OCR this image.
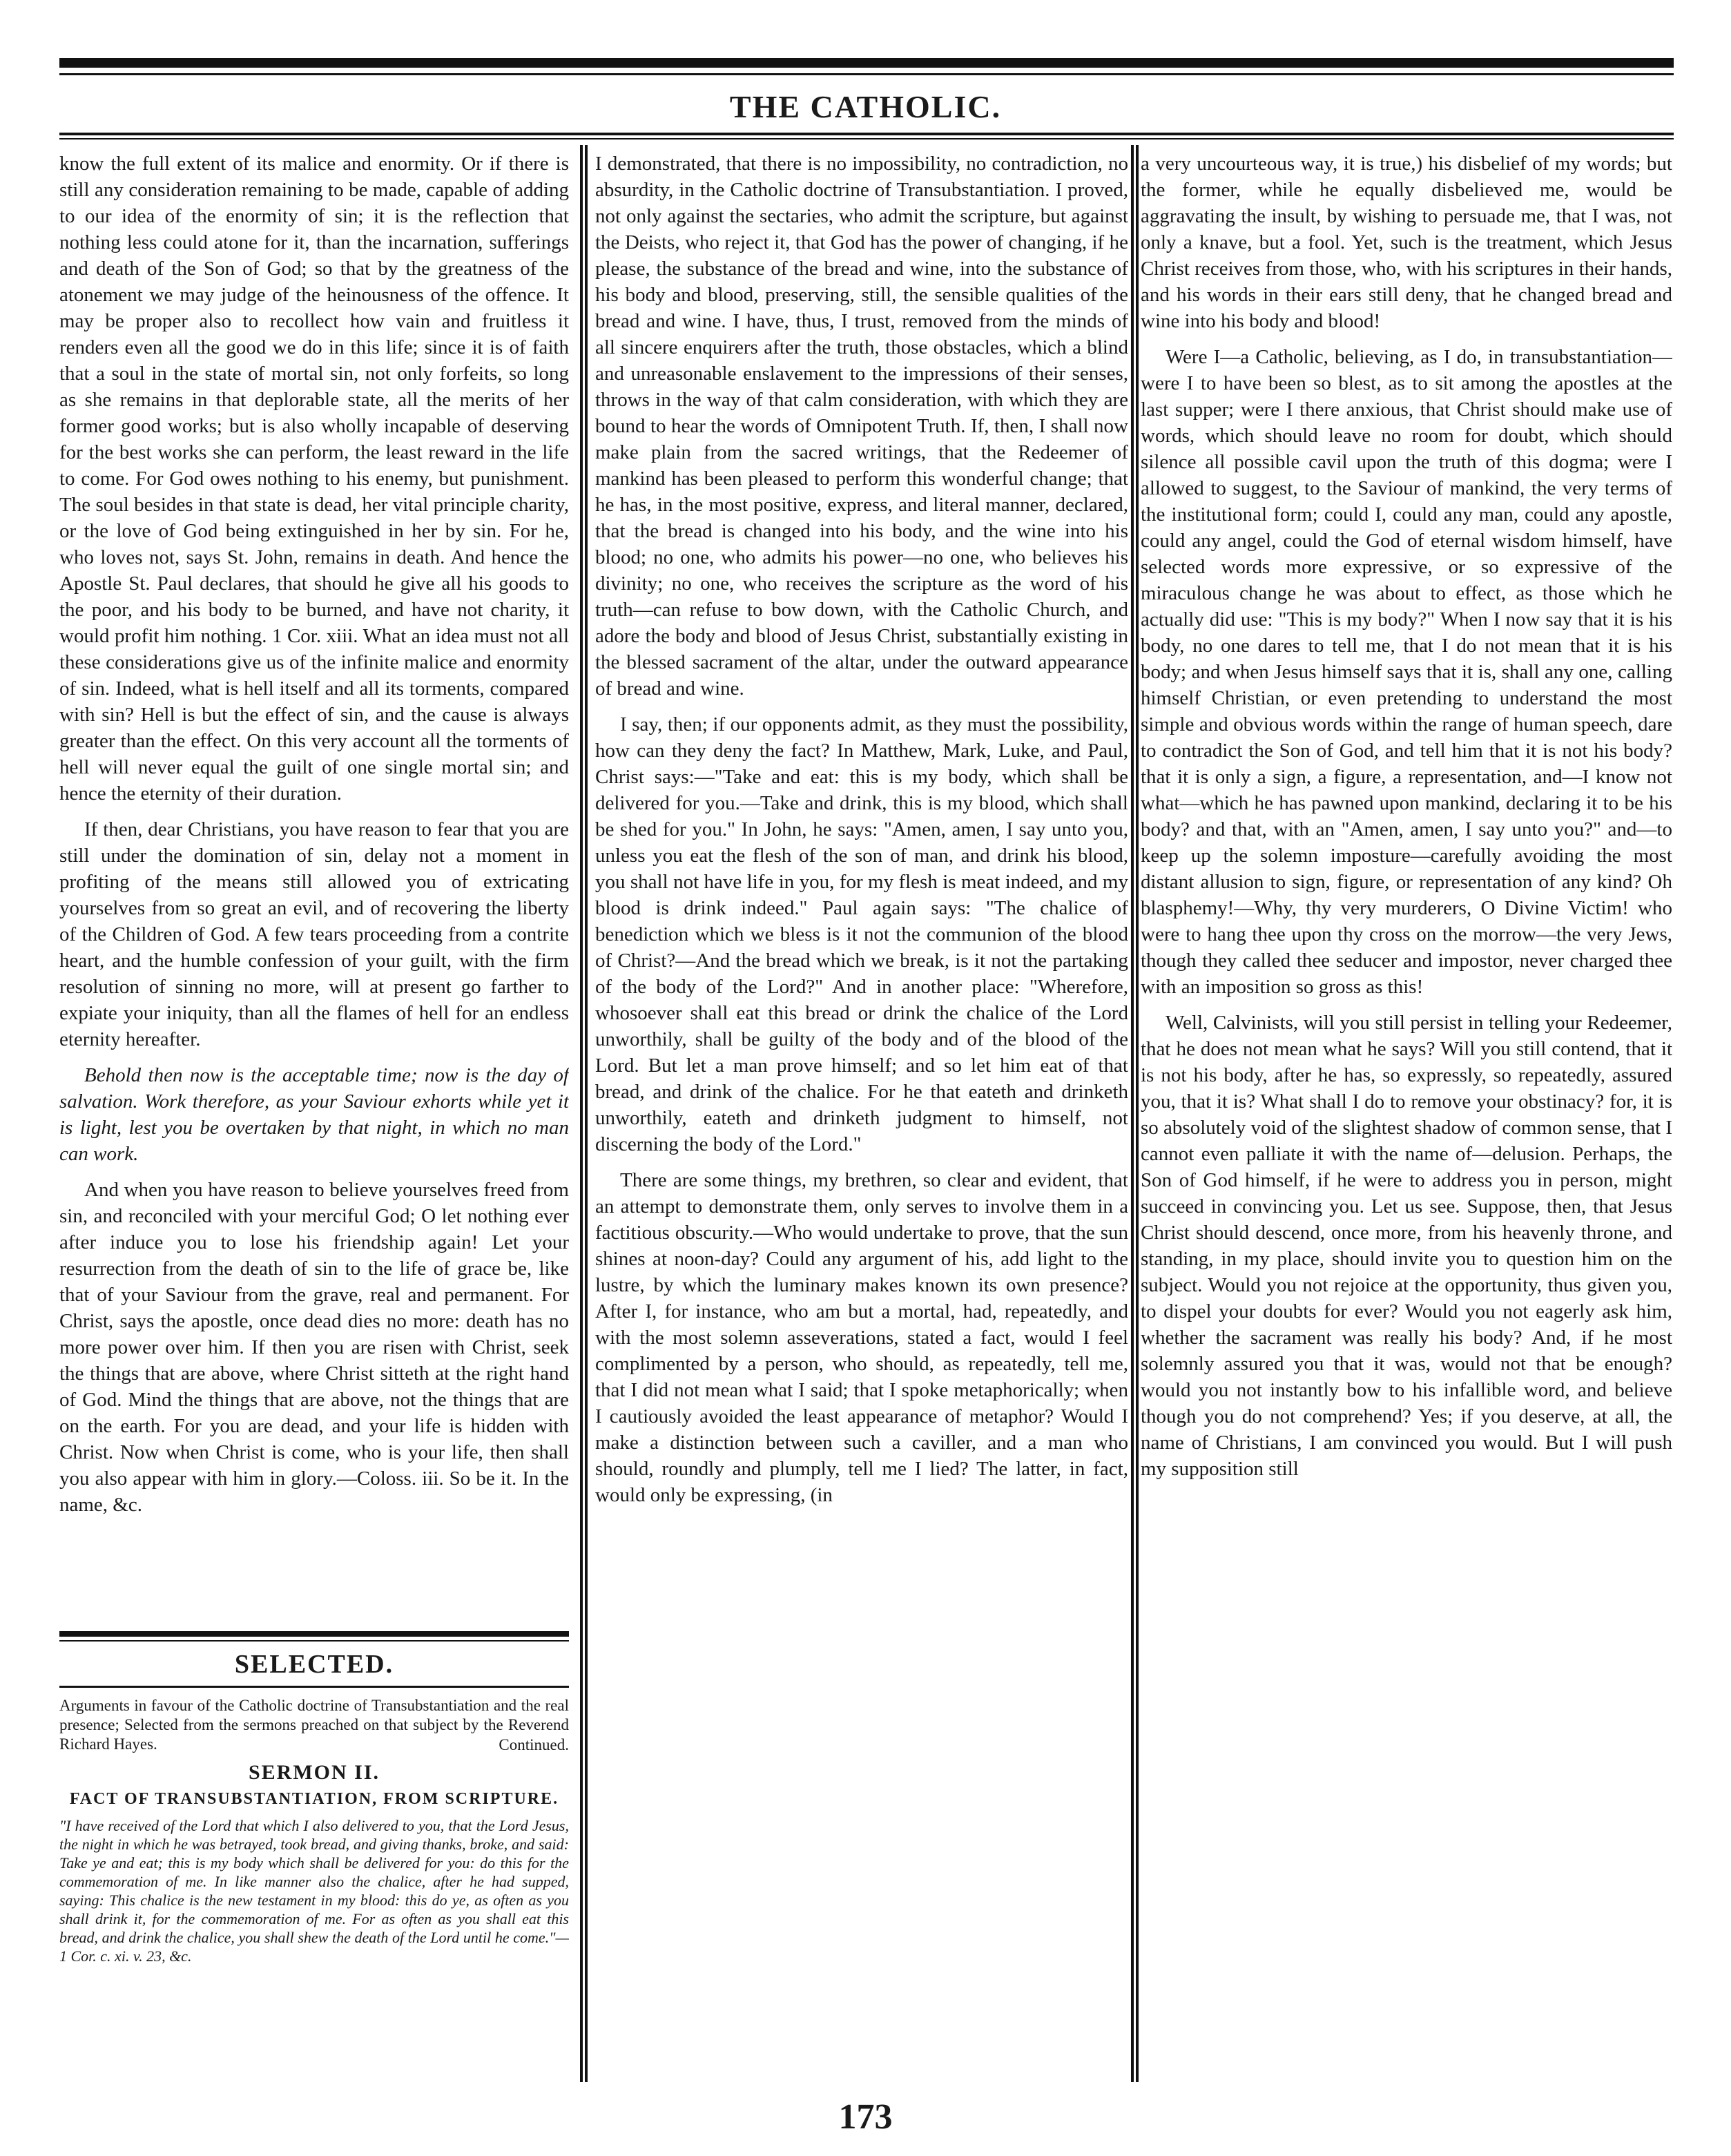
THE CATHOLIC.

know the full extent of its malice and enormity. Or if there is still any consideration remaining to be made, capable of adding to our idea of the enormity of sin; it is the reflection that nothing less could atone for it, than the incarnation, sufferings and death of the Son of God; so that by the greatness of the atonement we may judge of the heinousness of the offence. It may be proper also to recollect how vain and fruitless it renders even all the good we do in this life; since it is of faith that a soul in the state of mortal sin, not only forfeits, so long as she remains in that deplorable state, all the merits of her former good works; but is also wholly incapable of deserving for the best works she can perform, the least reward in the life to come. For God owes nothing to his enemy, but punishment. The soul besides in that state is dead, her vital principle charity, or the love of God being extinguished in her by sin. For he, who loves not, says St. John, remains in death. And hence the Apostle St. Paul declares, that should he give all his goods to the poor, and his body to be burned, and have not charity, it would profit him nothing. 1 Cor. xiii. What an idea must not all these considerations give us of the infinite malice and enormity of sin. Indeed, what is hell itself and all its torments, compared with sin? Hell is but the effect of sin, and the cause is always greater than the effect. On this very account all the torments of hell will never equal the guilt of one single mortal sin; and hence the eternity of their duration.

If then, dear Christians, you have reason to fear that you are still under the domination of sin, delay not a moment in profiting of the means still allowed you of extricating yourselves from so great an evil, and of recovering the liberty of the Children of God. A few tears proceeding from a contrite heart, and the humble confession of your guilt, with the firm resolution of sinning no more, will at present go farther to expiate your iniquity, than all the flames of hell for an endless eternity hereafter.

Behold then now is the acceptable time; now is the day of salvation. Work therefore, as your Saviour exhorts while yet it is light, lest you be overtaken by that night, in which no man can work.

And when you have reason to believe yourselves freed from sin, and reconciled with your merciful God; O let nothing ever after induce you to lose his friendship again! Let your resurrection from the death of sin to the life of grace be, like that of your Saviour from the grave, real and permanent. For Christ, says the apostle, once dead dies no more: death has no more power over him. If then you are risen with Christ, seek the things that are above, where Christ sitteth at the right hand of God. Mind the things that are above, not the things that are on the earth. For you are dead, and your life is hidden with Christ. Now when Christ is come, who is your life, then shall you also appear with him in glory.—Coloss. iii. So be it. In the name, &c.

SELECTED.

Arguments in favour of the Catholic doctrine of Transubstantiation and the real presence; Selected from the sermons preached on that subject by the Reverend Richard Hayes.	Continued.
SERMON II.
FACT OF TRANSUBSTANTIATION, FROM SCRIPTURE.

"I have received of the Lord that which I also delivered to you, that the Lord Jesus, the night in which he was betrayed, took bread, and giving thanks, broke, and said: Take ye and eat; this is my body which shall be delivered for you: do this for the commemoration of me. In like manner also the chalice, after he had supped, saying: This chalice is the new testament in my blood: this do ye, as often as you shall drink it, for the commemoration of me. For as often as you shall eat this bread, and drink the chalice, you shall shew the death of the Lord until he come."—1 Cor. c. xi. v. 23, &c.

I demonstrated, that there is no impossibility, no contradiction, no absurdity, in the Catholic doctrine of Transubstantiation. I proved, not only against the sectaries, who admit the scripture, but against the Deists, who reject it, that God has the power of changing, if he please, the substance of the bread and wine, into the substance of his body and blood, preserving, still, the sensible qualities of the bread and wine. I have, thus, I trust, removed from the minds of all sincere enquirers after the truth, those obstacles, which a blind and unreasonable enslavement to the impressions of their senses, throws in the way of that calm consideration, with which they are bound to hear the words of Omnipotent Truth. If, then, I shall now make plain from the sacred writings, that the Redeemer of mankind has been pleased to perform this wonderful change; that he has, in the most positive, express, and literal manner, declared, that the bread is changed into his body, and the wine into his blood; no one, who admits his power—no one, who believes his divinity; no one, who receives the scripture as the word of his truth—can refuse to bow down, with the Catholic Church, and adore the body and blood of Jesus Christ, substantially existing in the blessed sacrament of the altar, under the outward appearance of bread and wine.

I say, then; if our opponents admit, as they must the possibility, how can they deny the fact? In Matthew, Mark, Luke, and Paul, Christ says:—"Take and eat: this is my body, which shall be delivered for you.—Take and drink, this is my blood, which shall be shed for you." In John, he says: "Amen, amen, I say unto you, unless you eat the flesh of the son of man, and drink his blood, you shall not have life in you, for my flesh is meat indeed, and my blood is drink indeed." Paul again says: "The chalice of benediction which we bless is it not the communion of the blood of Christ?—And the bread which we break, is it not the partaking of the body of the Lord?" And in another place: "Wherefore, whosoever shall eat this bread or drink the chalice of the Lord unworthily, shall be guilty of the body and of the blood of the Lord. But let a man prove himself; and so let him eat of that bread, and drink of the chalice. For he that eateth and drinketh unworthily, eateth and drinketh judgment to himself, not discerning the body of the Lord."

There are some things, my brethren, so clear and evident, that an attempt to demonstrate them, only serves to involve them in a factitious obscurity.—Who would undertake to prove, that the sun shines at noon-day? Could any argument of his, add light to the lustre, by which the luminary makes known its own presence? After I, for instance, who am but a mortal, had, repeatedly, and with the most solemn asseverations, stated a fact, would I feel complimented by a person, who should, as repeatedly, tell me, that I did not mean what I said; that I spoke metaphorically; when I cautiously avoided the least appearance of metaphor? Would I make a distinction between such a caviller, and a man who should, roundly and plumply, tell me I lied? The latter, in fact, would only be expressing, (in

a very uncourteous way, it is true,) his disbelief of my words; but the former, while he equally disbelieved me, would be aggravating the insult, by wishing to persuade me, that I was, not only a knave, but a fool. Yet, such is the treatment, which Jesus Christ receives from those, who, with his scriptures in their hands, and his words in their ears still deny, that he changed bread and wine into his body and blood!

Were I—a Catholic, believing, as I do, in transubstantiation—were I to have been so blest, as to sit among the apostles at the last supper; were I there anxious, that Christ should make use of words, which should leave no room for doubt, which should silence all possible cavil upon the truth of this dogma; were I allowed to suggest, to the Saviour of mankind, the very terms of the institutional form; could I, could any man, could any apostle, could any angel, could the God of eternal wisdom himself, have selected words more expressive, or so expressive of the miraculous change he was about to effect, as those which he actually did use: "This is my body?" When I now say that it is his body, no one dares to tell me, that I do not mean that it is his body; and when Jesus himself says that it is, shall any one, calling himself Christian, or even pretending to understand the most simple and obvious words within the range of human speech, dare to contradict the Son of God, and tell him that it is not his body? that it is only a sign, a figure, a representation, and—I know not what—which he has pawned upon mankind, declaring it to be his body? and that, with an "Amen, amen, I say unto you?" and—to keep up the solemn imposture—carefully avoiding the most distant allusion to sign, figure, or representation of any kind? Oh blasphemy!—Why, thy very murderers, O Divine Victim! who were to hang thee upon thy cross on the morrow—the very Jews, though they called thee seducer and impostor, never charged thee with an imposition so gross as this!

Well, Calvinists, will you still persist in telling your Redeemer, that he does not mean what he says? Will you still contend, that it is not his body, after he has, so expressly, so repeatedly, assured you, that it is? What shall I do to remove your obstinacy? for, it is so absolutely void of the slightest shadow of common sense, that I cannot even palliate it with the name of—delusion. Perhaps, the Son of God himself, if he were to address you in person, might succeed in convincing you. Let us see. Suppose, then, that Jesus Christ should descend, once more, from his heavenly throne, and standing, in my place, should invite you to question him on the subject. Would you not rejoice at the opportunity, thus given you, to dispel your doubts for ever? Would you not eagerly ask him, whether the sacrament was really his body? And, if he most solemnly assured you that it was, would not that be enough? would you not instantly bow to his infallible word, and believe though you do not comprehend? Yes; if you deserve, at all, the name of Christians, I am convinced you would. But I will push my supposition still

173
